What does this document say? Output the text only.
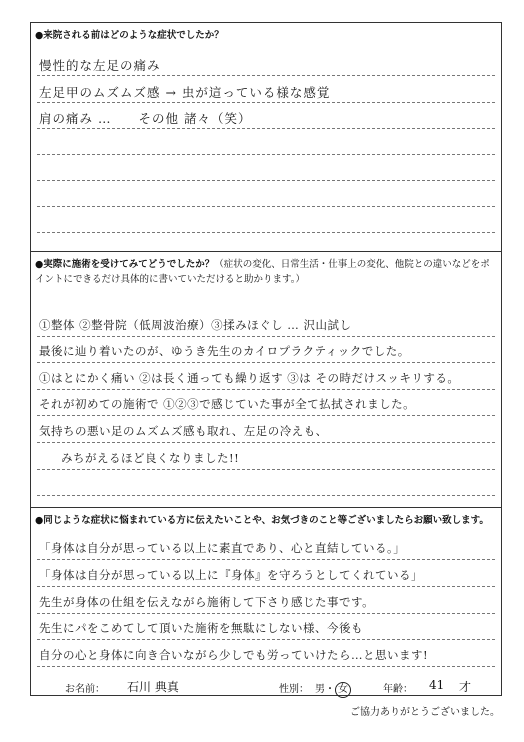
●来院される前はどのような症状でしたか？
慢性的な左足の痛み
左足甲のムズムズ感 → 虫が這っている様な感覚
肩の痛み …　　その他 諸々（笑）
●実際に施術を受けてみてどうでしたか？（症状の変化、日常生活・仕事上の変化、他院との違いなどをポイントにできるだけ具体的に書いていただけると助かります。）
①整体 ②整骨院（低周波治療）③揉みほぐし … 沢山試し
最後に辿り着いたのが、ゆうき先生のカイロプラクティックでした。
①はとにかく痛い ②は長く通っても繰り返す ③は その時だけスッキリする。
それが初めての施術で ①②③で感じていた事が全て払拭されました。
気持ちの悪い足のムズムズ感も取れ、左足の冷えも、
みちがえるほど良くなりました!!
●同じような症状に悩まれている方に伝えたいことや、お気づきのこと等ございましたらお願い致します。
「身体は自分が思っている以上に素直であり、心と直結している。」
「身体は自分が思っている以上に『身体』を守ろうとしてくれている」
先生が身体の仕組を伝えながら施術して下さり感じた事です。
先生にパをこめてして頂いた施術を無駄にしない様、今後も
自分の心と身体に向き合いながら少しでも労っていけたら…と思います!
お名前： 石川 典真	性別： 男・ 女	年齢： 41 才
ご協力ありがとうございました。
